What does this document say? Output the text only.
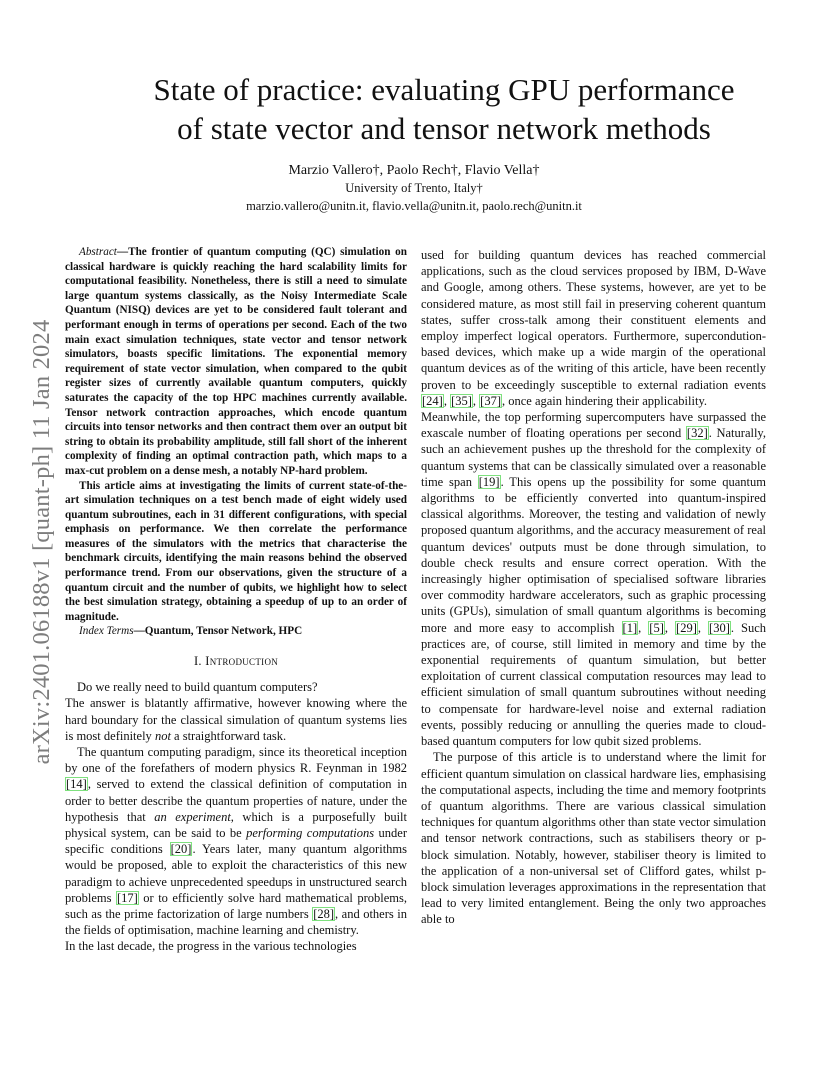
arXiv:2401.06188v1 [quant-ph] 11 Jan 2024
State of practice: evaluating GPU performance
of state vector and tensor network methods
Marzio Vallero†, Paolo Rech†, Flavio Vella†
University of Trento, Italy†
marzio.vallero@unitn.it, flavio.vella@unitn.it, paolo.rech@unitn.it

Abstract—The frontier of quantum computing (QC) simulation on classical hardware is quickly reaching the hard scalability limits for computational feasibility. Nonetheless, there is still a need to simulate large quantum systems classically, as the Noisy Intermediate Scale Quantum (NISQ) devices are yet to be considered fault tolerant and performant enough in terms of operations per second. Each of the two main exact simulation techniques, state vector and tensor network simulators, boasts specific limitations. The exponential memory requirement of state vector simulation, when compared to the qubit register sizes of currently available quantum computers, quickly saturates the capacity of the top HPC machines currently available. Tensor network contraction approaches, which encode quantum circuits into tensor networks and then contract them over an output bit string to obtain its probability amplitude, still fall short of the inherent complexity of finding an optimal contraction path, which maps to a max-cut problem on a dense mesh, a notably NP-hard problem.

This article aims at investigating the limits of current state-of-the-art simulation techniques on a test bench made of eight widely used quantum subroutines, each in 31 different configurations, with special emphasis on performance. We then correlate the performance measures of the simulators with the metrics that characterise the benchmark circuits, identifying the main reasons behind the observed performance trend. From our observations, given the structure of a quantum circuit and the number of qubits, we highlight how to select the best simulation strategy, obtaining a speedup of up to an order of magnitude.

Index Terms—Quantum, Tensor Network, HPC

I. Introduction

Do we really need to build quantum computers?

The answer is blatantly affirmative, however knowing where the hard boundary for the classical simulation of quantum systems lies is most definitely not a straightforward task.

The quantum computing paradigm, since its theoretical inception by one of the forefathers of modern physics R. Feynman in 1982 [14], served to extend the classical definition of computation in order to better describe the quantum properties of nature, under the hypothesis that an experiment, which is a purposefully built physical system, can be said to be performing computations under specific conditions [20]. Years later, many quantum algorithms would be proposed, able to exploit the characteristics of this new paradigm to achieve unprecedented speedups in unstructured search problems [17] or to efficiently solve hard mathematical problems, such as the prime factorization of large numbers [28], and others in the fields of optimisation, machine learning and chemistry.

In the last decade, the progress in the various technologies

used for building quantum devices has reached commercial applications, such as the cloud services proposed by IBM, D-Wave and Google, among others. These systems, however, are yet to be considered mature, as most still fail in preserving coherent quantum states, suffer cross-talk among their constituent elements and employ imperfect logical operators. Furthermore, supercondution-based devices, which make up a wide margin of the operational quantum devices as of the writing of this article, have been recently proven to be exceedingly susceptible to external radiation events [24], [35], [37], once again hindering their applicability.

Meanwhile, the top performing supercomputers have surpassed the exascale number of floating operations per second [32]. Naturally, such an achievement pushes up the threshold for the complexity of quantum systems that can be classically simulated over a reasonable time span [19]. This opens up the possibility for some quantum algorithms to be efficiently converted into quantum-inspired classical algorithms. Moreover, the testing and validation of newly proposed quantum algorithms, and the accuracy measurement of real quantum devices' outputs must be done through simulation, to double check results and ensure correct operation. With the increasingly higher optimisation of specialised software libraries over commodity hardware accelerators, such as graphic processing units (GPUs), simulation of small quantum algorithms is becoming more and more easy to accomplish [1], [5], [29], [30]. Such practices are, of course, still limited in memory and time by the exponential requirements of quantum simulation, but better exploitation of current classical computation resources may lead to efficient simulation of small quantum subroutines without needing to compensate for hardware-level noise and external radiation events, possibly reducing or annulling the queries made to cloud-based quantum computers for low qubit sized problems.

The purpose of this article is to understand where the limit for efficient quantum simulation on classical hardware lies, emphasising the computational aspects, including the time and memory footprints of quantum algorithms. There are various classical simulation techniques for quantum algorithms other than state vector simulation and tensor network contractions, such as stabilisers theory or p-block simulation. Notably, however, stabiliser theory is limited to the application of a non-universal set of Clifford gates, whilst p-block simulation leverages approximations in the representation that lead to very limited entanglement. Being the only two approaches able to
